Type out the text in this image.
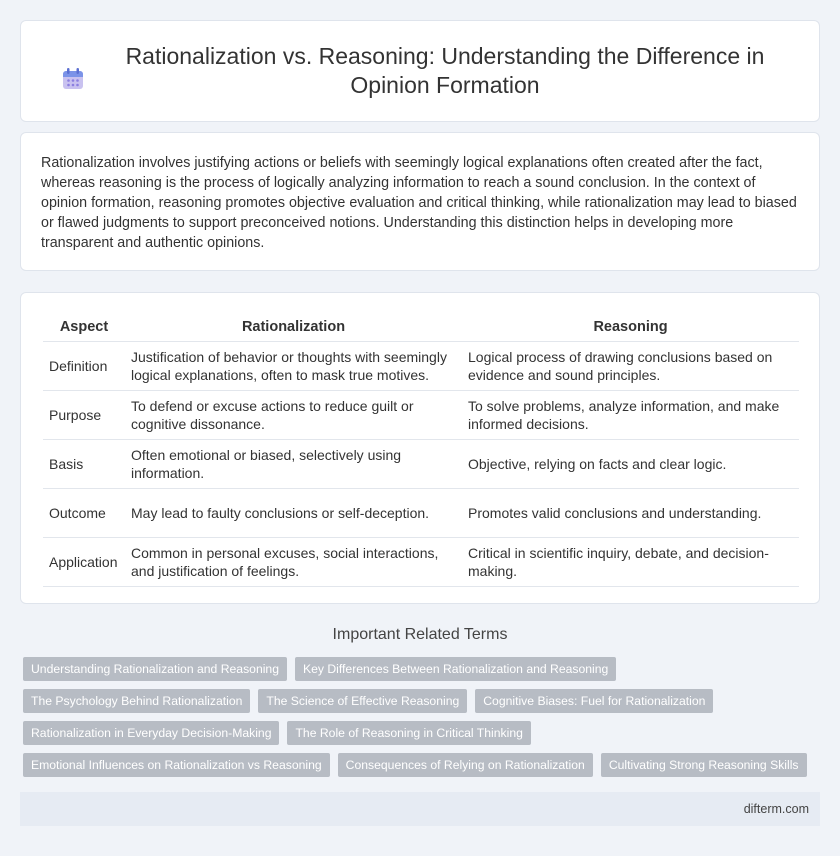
Rationalization vs. Reasoning: Understanding the Difference in Opinion Formation

Rationalization involves justifying actions or beliefs with seemingly logical explanations often created after the fact, whereas reasoning is the process of logically analyzing information to reach a sound conclusion. In the context of opinion formation, reasoning promotes objective evaluation and critical thinking, while rationalization may lead to biased or flawed judgments to support preconceived notions. Understanding this distinction helps in developing more transparent and authentic opinions.

Aspect	Rationalization	Reasoning
Definition	Justification of behavior or thoughts with seemingly logical explanations, often to mask true motives.	Logical process of drawing conclusions based on evidence and sound principles.
Purpose	To defend or excuse actions to reduce guilt or cognitive dissonance.	To solve problems, analyze information, and make informed decisions.
Basis	Often emotional or biased, selectively using information.	Objective, relying on facts and clear logic.
Outcome	May lead to faulty conclusions or self-deception.	Promotes valid conclusions and understanding.
Application	Common in personal excuses, social interactions, and justification of feelings.	Critical in scientific inquiry, debate, and decision-making.
Important Related Terms
Understanding Rationalization and Reasoning	Key Differences Between Rationalization and Reasoning
The Psychology Behind Rationalization	The Science of Effective Reasoning	Cognitive Biases: Fuel for Rationalization
Rationalization in Everyday Decision-Making	The Role of Reasoning in Critical Thinking
Emotional Influences on Rationalization vs Reasoning	Consequences of Relying on Rationalization	Cultivating Strong Reasoning Skills
difterm.com
